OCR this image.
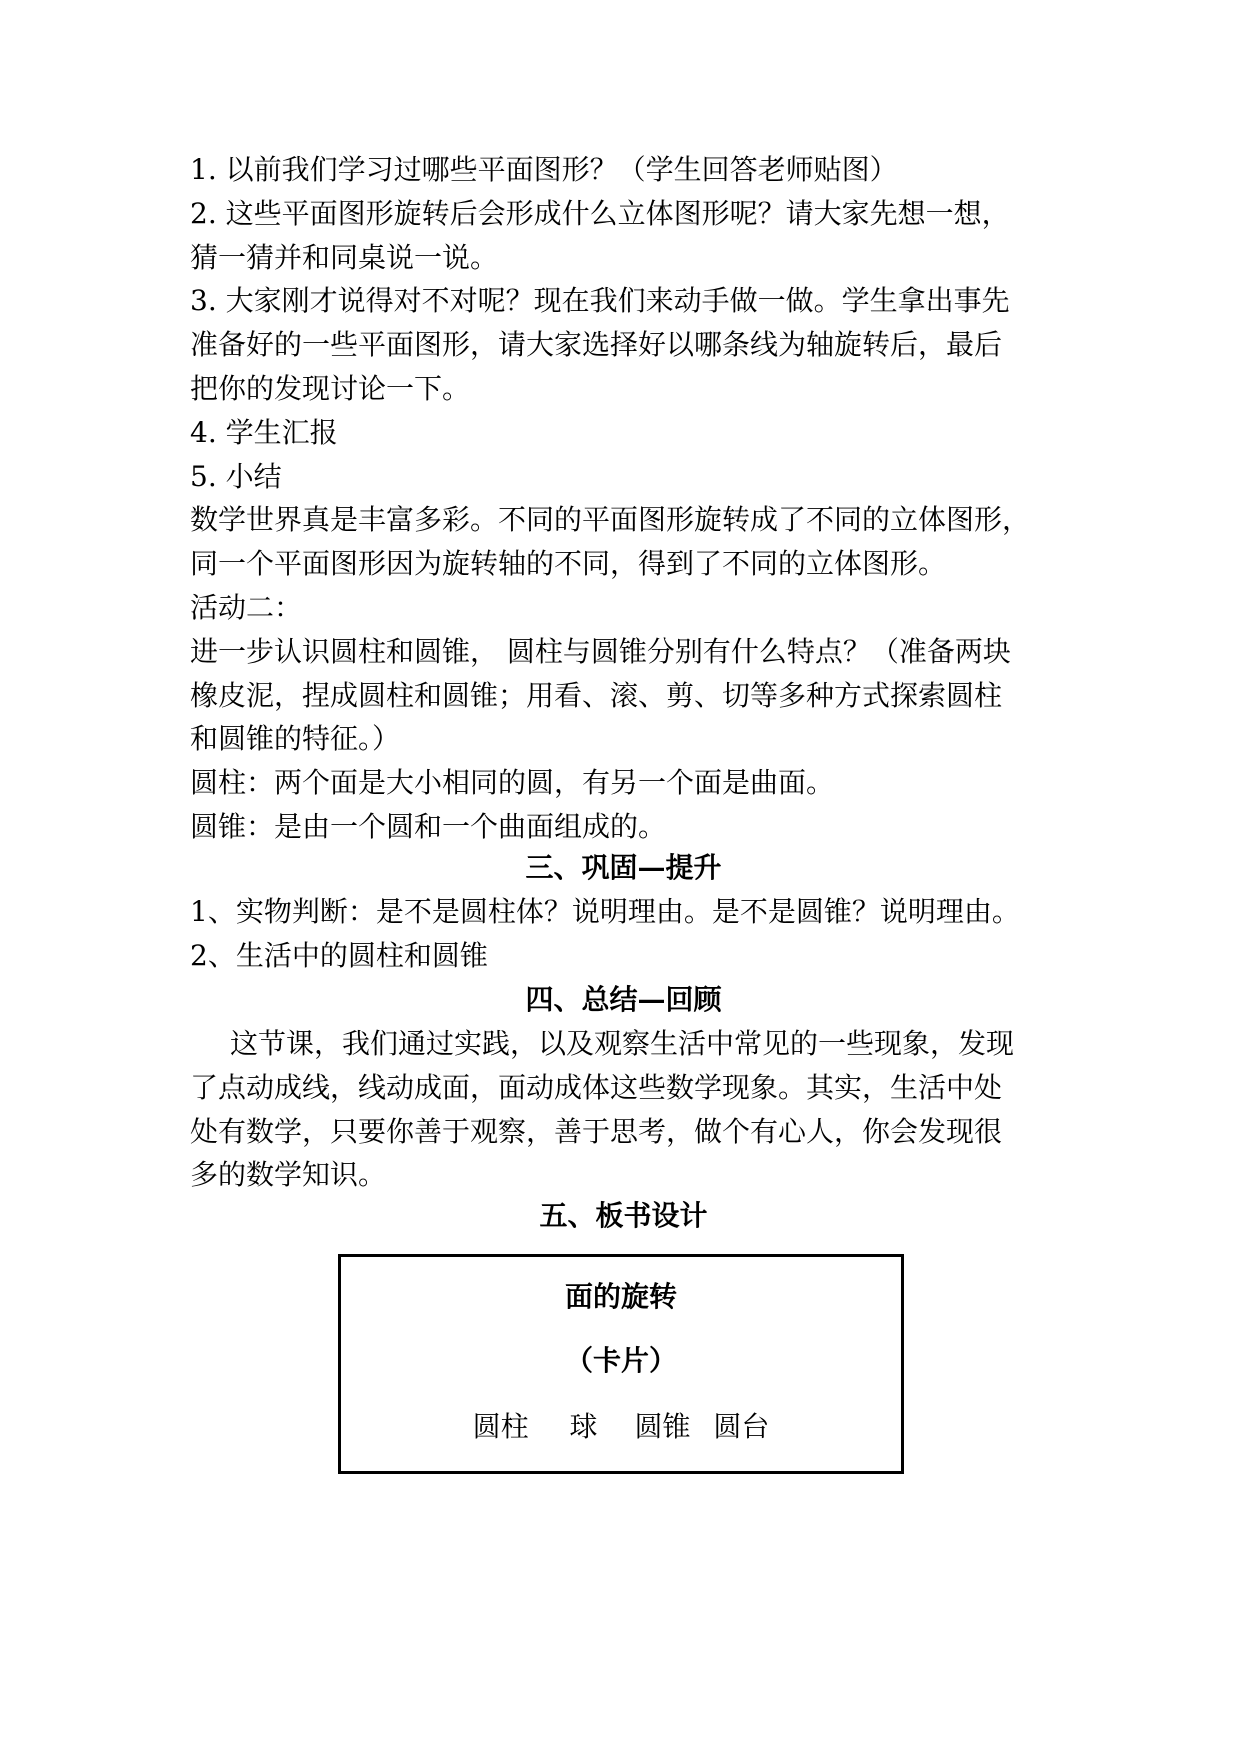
1. 以前我们学习过哪些平面图形？（学生回答老师贴图）
2. 这些平面图形旋转后会形成什么立体图形呢？请大家先想一想，
猜一猜并和同桌说一说。
3. 大家刚才说得对不对呢？现在我们来动手做一做。学生拿出事先
准备好的一些平面图形，请大家选择好以哪条线为轴旋转后，最后
把你的发现讨论一下。
4. 学生汇报
5. 小结
数学世界真是丰富多彩。不同的平面图形旋转成了不同的立体图形，
同一个平面图形因为旋转轴的不同，得到了不同的立体图形。
活动二：
进一步认识圆柱和圆锥， 圆柱与圆锥分别有什么特点？（准备两块
橡皮泥，捏成圆柱和圆锥；用看、滚、剪、切等多种方式探索圆柱
和圆锥的特征。）
圆柱：两个面是大小相同的圆，有另一个面是曲面。
圆锥：是由一个圆和一个曲面组成的。
三、巩固—提升
1、实物判断：是不是圆柱体？说明理由。是不是圆锥？说明理由。
2、生活中的圆柱和圆锥
四、总结—回顾
这节课，我们通过实践，以及观察生活中常见的一些现象，发现
了点动成线，线动成面，面动成体这些数学现象。其实，生活中处
处有数学，只要你善于观察，善于思考，做个有心人，你会发现很
多的数学知识。
五、板书设计
面的旋转
（卡片）
圆柱 球 圆锥 圆台
